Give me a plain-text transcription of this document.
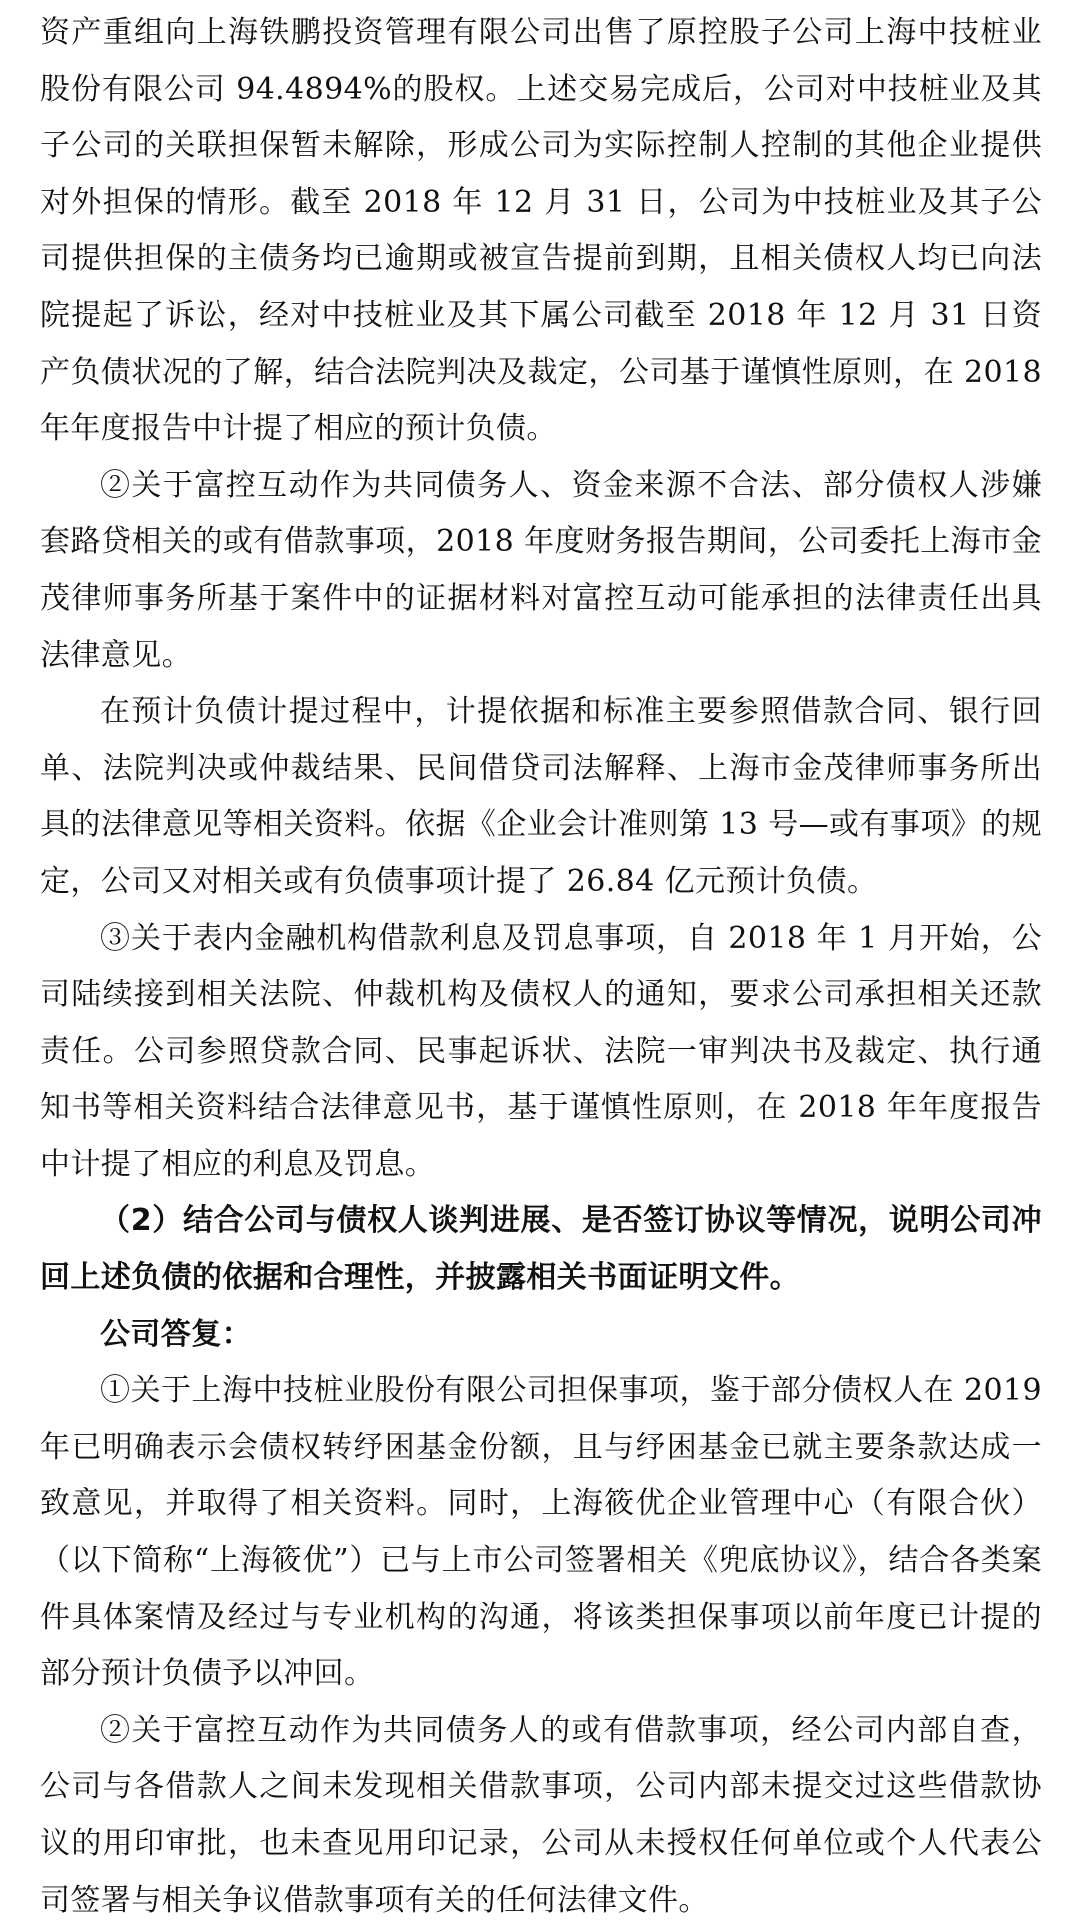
资产重组向上海铁鹏投资管理有限公司出售了原控股子公司上海中技桩业股份有限公司 94.4894%的股权。上述交易完成后，公司对中技桩业及其子公司的关联担保暂未解除，形成公司为实际控制人控制的其他企业提供对外担保的情形。截至 2018 年 12 月 31 日，公司为中技桩业及其子公司提供担保的主债务均已逾期或被宣告提前到期，且相关债权人均已向法院提起了诉讼，经对中技桩业及其下属公司截至 2018 年 12 月 31 日资产负债状况的了解，结合法院判决及裁定，公司基于谨慎性原则，在 2018 年年度报告中计提了相应的预计负债。

②关于富控互动作为共同债务人、资金来源不合法、部分债权人涉嫌套路贷相关的或有借款事项，2018 年度财务报告期间，公司委托上海市金茂律师事务所基于案件中的证据材料对富控互动可能承担的法律责任出具法律意见。

在预计负债计提过程中，计提依据和标准主要参照借款合同、银行回单、法院判决或仲裁结果、民间借贷司法解释、上海市金茂律师事务所出具的法律意见等相关资料。依据《企业会计准则第 13 号—或有事项》的规定，公司又对相关或有负债事项计提了 26.84 亿元预计负债。

③关于表内金融机构借款利息及罚息事项，自 2018 年 1 月开始，公司陆续接到相关法院、仲裁机构及债权人的通知，要求公司承担相关还款责任。公司参照贷款合同、民事起诉状、法院一审判决书及裁定、执行通知书等相关资料结合法律意见书，基于谨慎性原则，在 2018 年年度报告中计提了相应的利息及罚息。

（2）结合公司与债权人谈判进展、是否签订协议等情况，说明公司冲回上述负债的依据和合理性，并披露相关书面证明文件。

公司答复：

①关于上海中技桩业股份有限公司担保事项，鉴于部分债权人在 2019 年已明确表示会债权转纾困基金份额，且与纾困基金已就主要条款达成一致意见，并取得了相关资料。同时，上海筱优企业管理中心（有限合伙）（以下简称“上海筱优”）已与上市公司签署相关《兜底协议》，结合各类案件具体案情及经过与专业机构的沟通，将该类担保事项以前年度已计提的部分预计负债予以冲回。

②关于富控互动作为共同债务人的或有借款事项，经公司内部自查，公司与各借款人之间未发现相关借款事项，公司内部未提交过这些借款协议的用印审批，也未查见用印记录，公司从未授权任何单位或个人代表公司签署与相关争议借款事项有关的任何法律文件。
